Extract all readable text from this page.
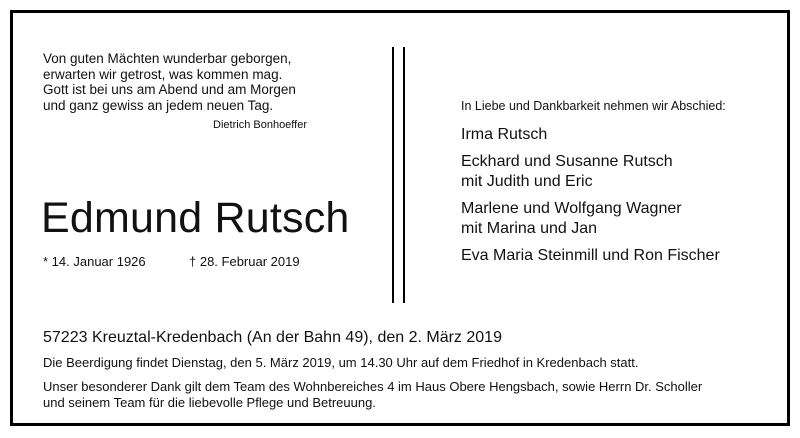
Von guten Mächten wunderbar geborgen,
erwarten wir getrost, was kommen mag.
Gott ist bei uns am Abend und am Morgen
und ganz gewiss an jedem neuen Tag.
Dietrich Bonhoeffer
Edmund Rutsch
* 14. Januar 1926	† 28. Februar 2019
In Liebe und Dankbarkeit nehmen wir Abschied:
Irma Rutsch
Eckhard und Susanne Rutsch
mit Judith und Eric
Marlene und Wolfgang Wagner
mit Marina und Jan
Eva Maria Steinmill und Ron Fischer
57223 Kreuztal-Kredenbach (An der Bahn 49), den 2. März 2019
Die Beerdigung findet Dienstag, den 5. März 2019, um 14.30 Uhr auf dem Friedhof in Kredenbach statt.
Unser besonderer Dank gilt dem Team des Wohnbereiches 4 im Haus Obere Hengsbach, sowie Herrn Dr. Scholler
und seinem Team für die liebevolle Pflege und Betreuung.
